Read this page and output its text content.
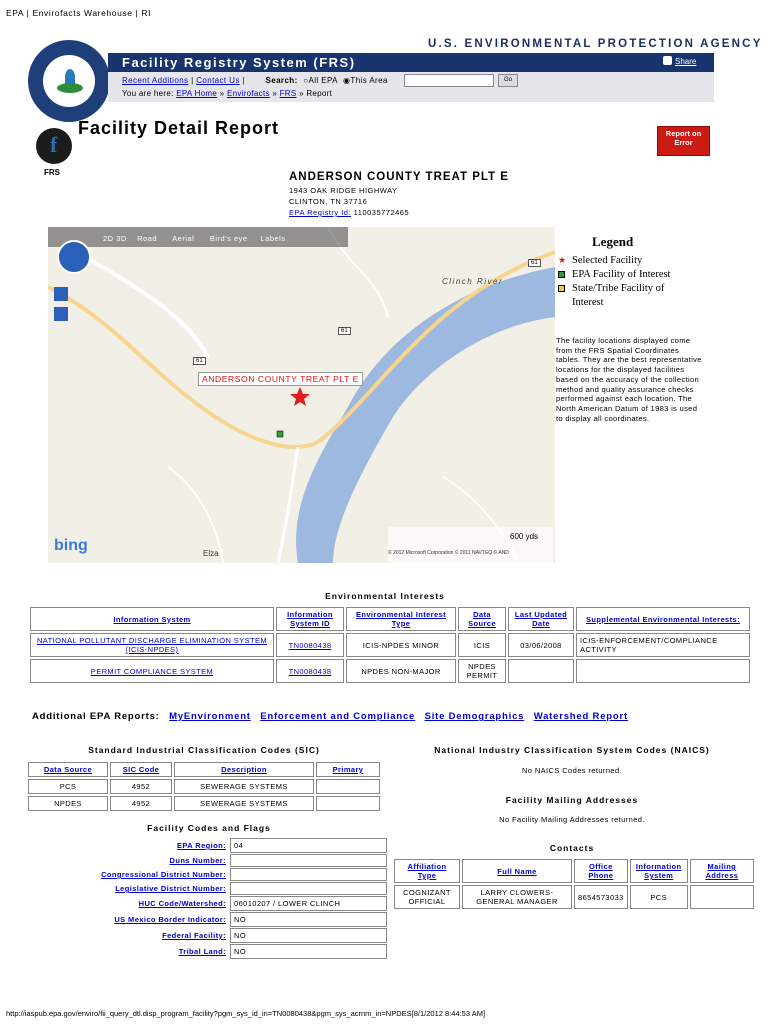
EPA | Envirofacts Warehouse | RI
http://iaspub.epa.gov/enviro/fii_query_dtl.disp_program_facility?pgm_sys_id_in=TN0080438&pgm_sys_acrnm_in=NPDES[8/1/2012 8:44:53 AM]
U.S. ENVIRONMENTAL PROTECTION AGENCY
Facility Registry System (FRS)	Share
Recent Additions | Contact Us |	Search: ○All EPA ◉This Area	Go
You are here: EPA Home » Envirofacts » FRS » Report
f
FRS
Facility Detail Report	Report on Error
ANDERSON COUNTY TREAT PLT E
1943 OAK RIDGE HIGHWAY
CLINTON, TN 37716
EPA Registry Id: 110035772465
2D 3D Road Aerial Bird's eye Labels
Clinch River
61
61
61
ANDERSON COUNTY TREAT PLT E
600 yds
© 2012 Microsoft Corporation © 2011 NAVTEQ © AND
bing	Elza
Legend
★ Selected Facility
EPA Facility of Interest
State/Tribe Facility of Interest
The facility locations displayed come from the FRS Spatial Coordinates tables. They are the best representative locations for the displayed facilities based on the accuracy of the collection method and quality assurance checks performed against each location. The North American Datum of 1983 is used to display all coordinates.
Environmental Interests
Information System	Information System ID	Environmental Interest Type	Data Source	Last Updated Date	Supplemental Environmental Interests:
NATIONAL POLLUTANT DISCHARGE ELIMINATION SYSTEM (ICIS-NPDES)	TN0080438	ICIS-NPDES MINOR	ICIS	03/06/2008	ICIS-ENFORCEMENT/COMPLIANCE ACTIVITY
PERMIT COMPLIANCE SYSTEM	TN0080438	NPDES NON-MAJOR	NPDES PERMIT		
Additional EPA Reports: MyEnvironment Enforcement and Compliance Site Demographics Watershed Report
Standard Industrial Classification Codes (SIC)
Data Source	SIC Code	Description	Primary
PCS	4952	SEWERAGE SYSTEMS	
NPDES	4952	SEWERAGE SYSTEMS	
National Industry Classification System Codes (NAICS)
No NAICS Codes returned.
Facility Mailing Addresses
No Facility Mailing Addresses returned.
Facility Codes and Flags
EPA Region:	04
Duns Number:	
Congressional District Number:	
Legislative District Number:	
HUC Code/Watershed:	06010207 / LOWER CLINCH
US Mexico Border Indicator:	NO
Federal Facility:	NO
Tribal Land:	NO
Contacts
Affiliation Type	Full Name	Office Phone	Information System	Mailing Address
COGNIZANT OFFICIAL	LARRY CLOWERS-GENERAL MANAGER	8654573033	PCS	
